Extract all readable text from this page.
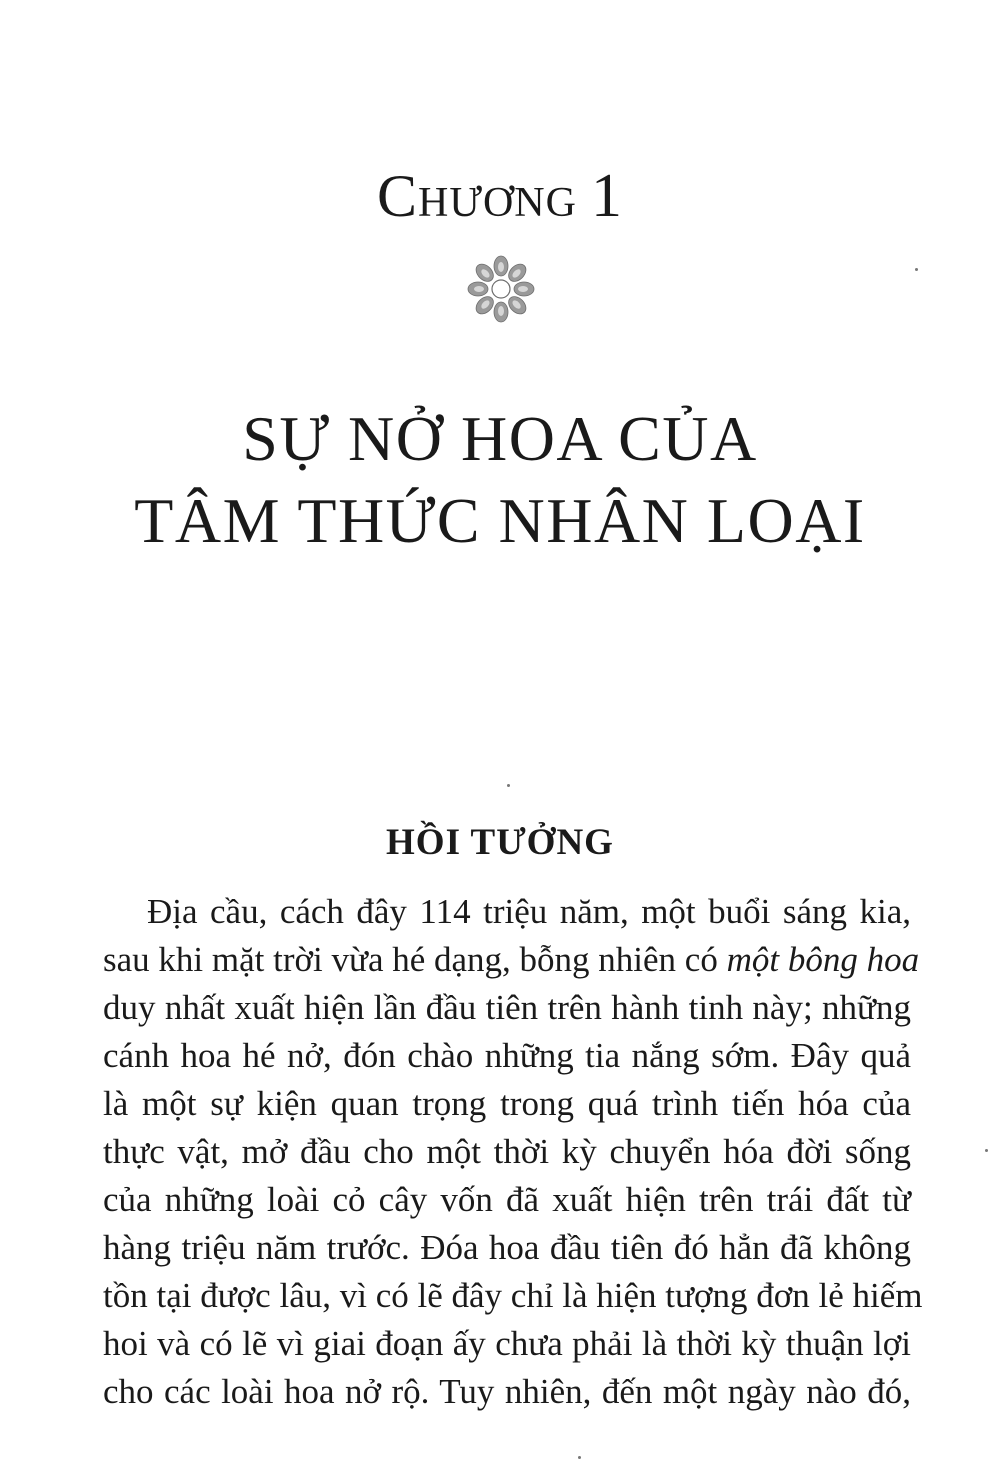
Chương 1
SỰ NỞ HOA CỦA
TÂM THỨC NHÂN LOẠI
HỒI TƯỞNG
Địa cầu, cách đây 114 triệu năm, một buổi sáng kia,
sau khi mặt trời vừa hé dạng, bỗng nhiên có một bông hoa
duy nhất xuất hiện lần đầu tiên trên hành tinh này; những
cánh hoa hé nở, đón chào những tia nắng sớm. Đây quả
là một sự kiện quan trọng trong quá trình tiến hóa của
thực vật, mở đầu cho một thời kỳ chuyển hóa đời sống
của những loài cỏ cây vốn đã xuất hiện trên trái đất từ
hàng triệu năm trước. Đóa hoa đầu tiên đó hẳn đã không
tồn tại được lâu, vì có lẽ đây chỉ là hiện tượng đơn lẻ hiếm
hoi và có lẽ vì giai đoạn ấy chưa phải là thời kỳ thuận lợi
cho các loài hoa nở rộ. Tuy nhiên, đến một ngày nào đó,
